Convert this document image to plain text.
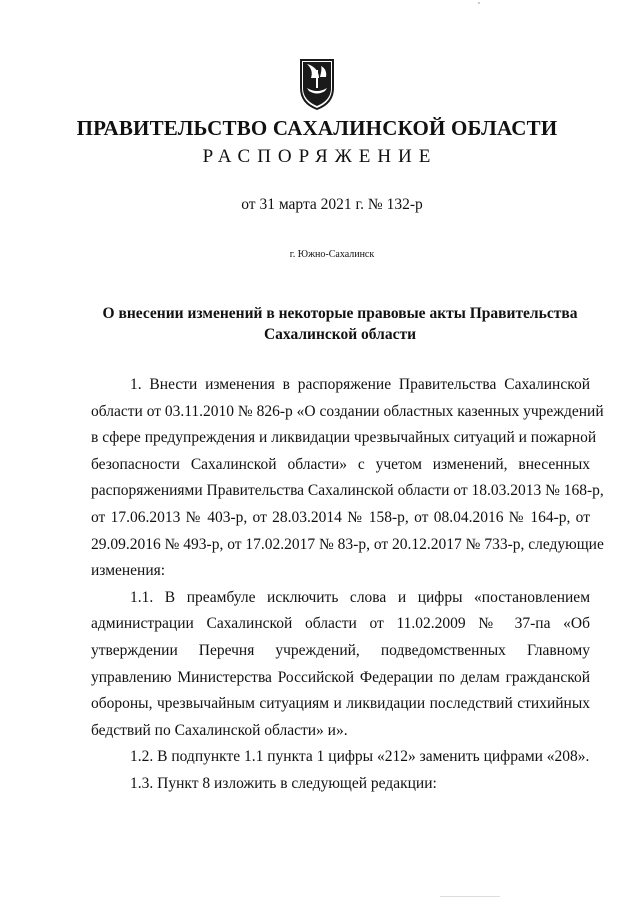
ПРАВИТЕЛЬСТВО САХАЛИНСКОЙ ОБЛАСТИ
РАСПОРЯЖЕНИЕ
от 31 марта 2021 г. № 132-р
г. Южно-Сахалинск
О внесении изменений в некоторые правовые акты Правительства
Сахалинской области
1. Внести изменения в распоряжение Правительства Сахалинской
области от 03.11.2010 № 826-р «О создании областных казенных учреждений
в сфере предупреждения и ликвидации чрезвычайных ситуаций и пожарной
безопасности Сахалинской области» с учетом изменений, внесенных
распоряжениями Правительства Сахалинской области от 18.03.2013 № 168-р,
от 17.06.2013 № 403-р, от 28.03.2014 № 158-р, от 08.04.2016 № 164-р, от
29.09.2016 № 493-р, от 17.02.2017 № 83-р, от 20.12.2017 № 733-р, следующие
изменения:
1.1. В преамбуле исключить слова и цифры «постановлением
администрации Сахалинской области от 11.02.2009 № 37-па «Об
утверждении Перечня учреждений, подведомственных Главному
управлению Министерства Российской Федерации по делам гражданской
обороны, чрезвычайным ситуациям и ликвидации последствий стихийных
бедствий по Сахалинской области» и».
1.2. В подпункте 1.1 пункта 1 цифры «212» заменить цифрами «208».
1.3. Пункт 8 изложить в следующей редакции:
